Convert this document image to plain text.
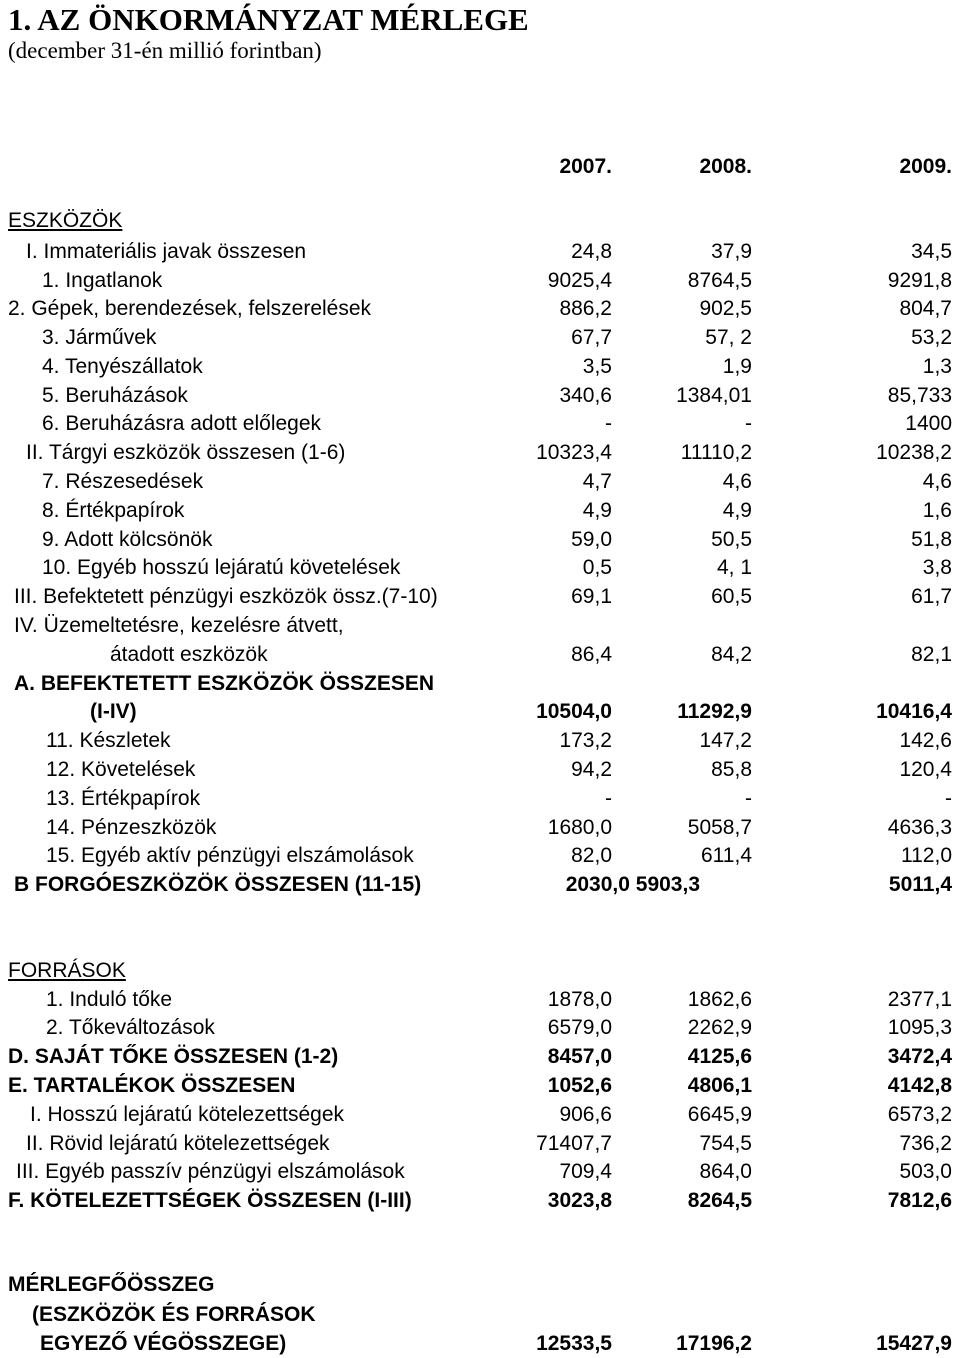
1. AZ ÖNKORMÁNYZAT MÉRLEGE
(december 31-én millió forintban)
2007.	2008.	2009.
ESZKÖZÖK
I. Immateriális javak összesen	24,8	37,9	34,5
1. Ingatlanok	9025,4	8764,5	9291,8
2. Gépek, berendezések, felszerelések	886,2	902,5	804,7
3. Járművek	67,7	57, 2	53,2
4. Tenyészállatok	3,5	1,9	1,3
5. Beruházások	340,6	1384,01	85,733
6. Beruházásra adott előlegek	-	-	1400
II. Tárgyi eszközök összesen (1-6)	10323,4	11110,2	10238,2
7. Részesedések	4,7	4,6	4,6
8. Értékpapírok	4,9	4,9	1,6
9. Adott kölcsönök	59,0	50,5	51,8
10. Egyéb hosszú lejáratú követelések	0,5	4, 1	3,8
III. Befektetett pénzügyi eszközök össz.(7-10)	69,1	60,5	61,7
IV. Üzemeltetésre, kezelésre átvett,
átadott eszközök	86,4	84,2	82,1
A. BEFEKTETETT ESZKÖZÖK ÖSSZESEN
(I-IV)	10504,0	11292,9	10416,4
11. Készletek	173,2	147,2	142,6
12. Követelések	94,2	85,8	120,4
13. Értékpapírok	-	-	-
14. Pénzeszközök	1680,0	5058,7	4636,3
15. Egyéb aktív pénzügyi elszámolások	82,0	611,4	112,0
B FORGÓESZKÖZÖK ÖSSZESEN (11-15)	2030,0 5903,3	5011,4
FORRÁSOK
1. Induló tőke	1878,0	1862,6	2377,1
2. Tőkeváltozások	6579,0	2262,9	1095,3
D. SAJÁT TŐKE ÖSSZESEN (1-2)	8457,0	4125,6	3472,4
E. TARTALÉKOK ÖSSZESEN	1052,6	4806,1	4142,8
I. Hosszú lejáratú kötelezettségek	906,6	6645,9	6573,2
II. Rövid lejáratú kötelezettségek	71407,7	754,5	736,2
III. Egyéb passzív pénzügyi elszámolások	709,4	864,0	503,0
F. KÖTELEZETTSÉGEK ÖSSZESEN (I-III)	3023,8	8264,5	7812,6
MÉRLEGFŐÖSSZEG
(ESZKÖZÖK ÉS FORRÁSOK
EGYEZŐ VÉGÖSSZEGE)	12533,5	17196,2	15427,9
